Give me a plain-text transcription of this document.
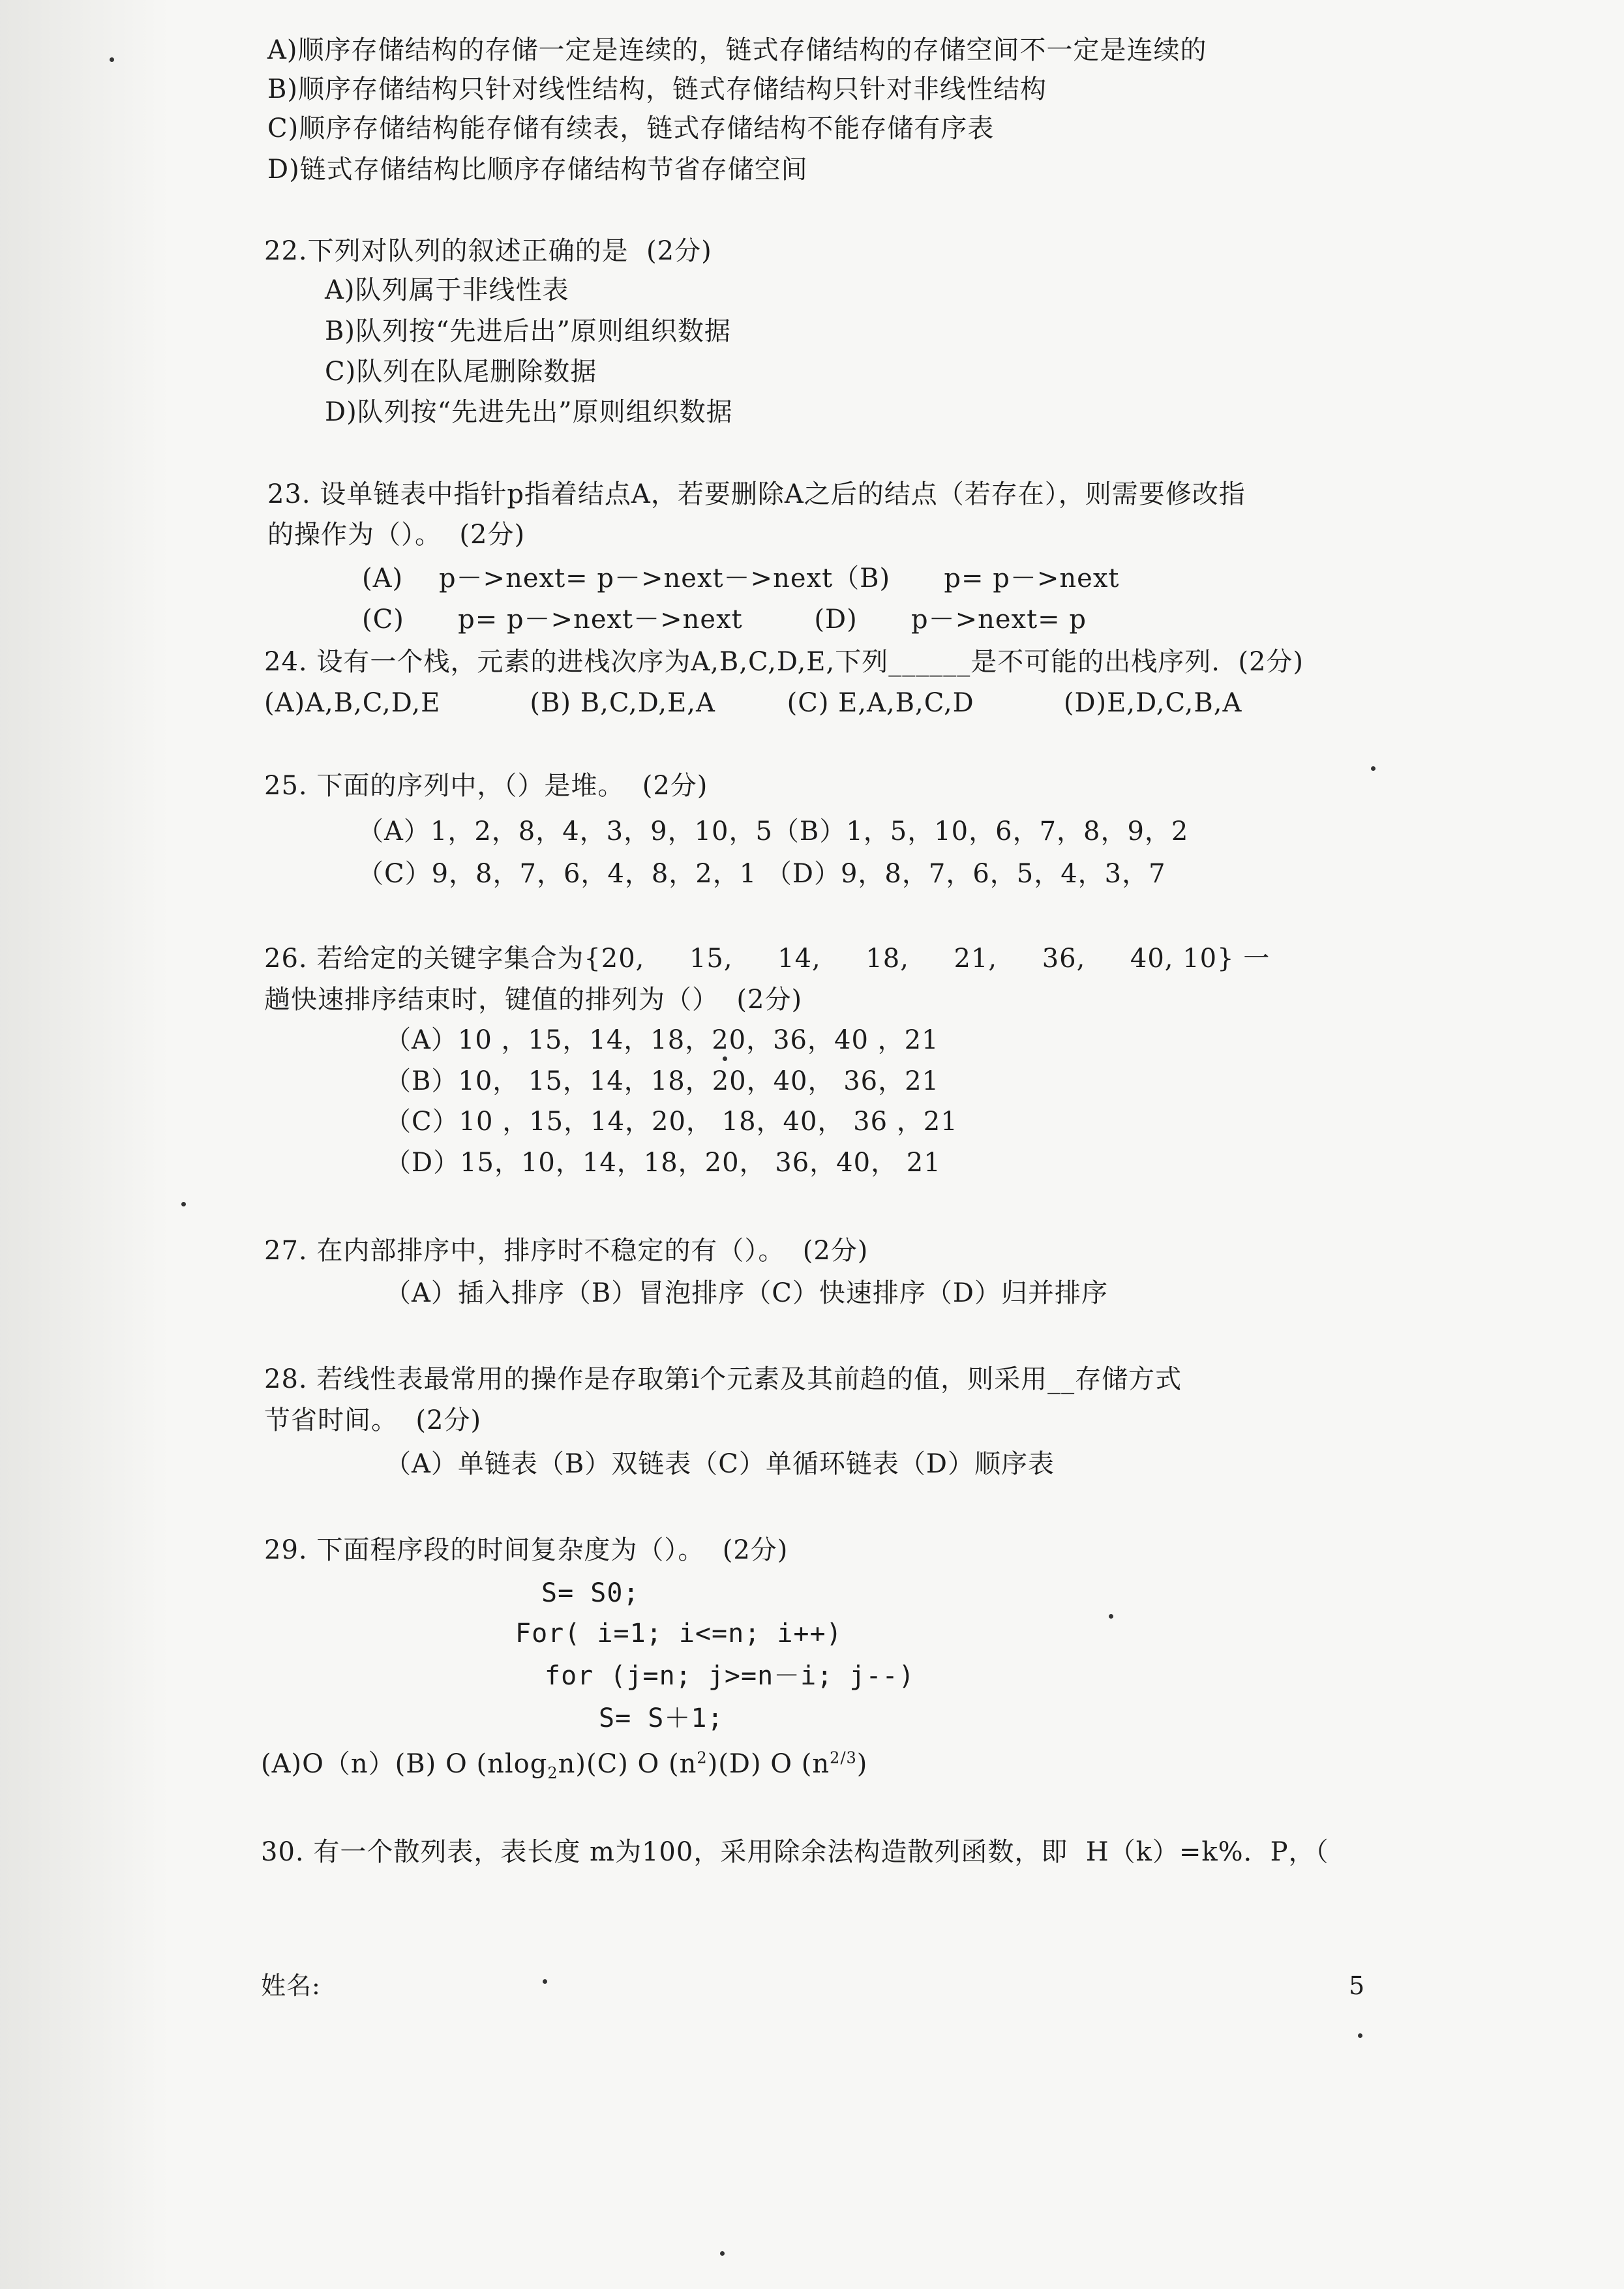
A)顺序存储结构的存储一定是连续的，链式存储结构的存储空间不一定是连续的
B)顺序存储结构只针对线性结构，链式存储结构只针对非线性结构
C)顺序存储结构能存储有续表，链式存储结构不能存储有序表
D)链式存储结构比顺序存储结构节省存储空间
22.下列对队列的叙述正确的是  (2分)
A)队列属于非线性表
B)队列按“先进后出”原则组织数据
C)队列在队尾删除数据
D)队列按“先进先出”原则组织数据
23. 设单链表中指针p指着结点A，若要删除A之后的结点（若存在），则需要修改指
的操作为（）。  (2分)
(A)    p－>next= p－>next－>next（B)      p= p－>next
(C)      p= p－>next－>next        (D)      p－>next= p
24. 设有一个栈，元素的进栈次序为A,B,C,D,E,下列______是不可能的出栈序列.  (2分)
(A)A,B,C,D,E          (B) B,C,D,E,A        (C) E,A,B,C,D          (D)E,D,C,B,A
25. 下面的序列中，（）是堆。  (2分)
（A）1，2，8，4，3，9，10，5（B）1，5，10，6，7，8，9，2
（C）9，8，7，6，4，8，2，1 （D）9，8，7，6，5，4，3，7
26. 若给定的关键字集合为{20,     15,     14,     18,     21,     36,     40, 10} 一
趟快速排序结束时，键值的排列为（）  (2分)
（A）10 ，15，14，18，20，36，40 ，21
（B）10， 15，14，18，20，40， 36，21
（C）10 ，15，14，20， 18，40， 36 ，21
（D）15，10，14，18，20， 36，40， 21
27. 在内部排序中，排序时不稳定的有（）。  (2分)
（A）插入排序（B）冒泡排序（C）快速排序（D）归并排序
28. 若线性表最常用的操作是存取第i个元素及其前趋的值，则采用__存储方式
节省时间。  (2分)
（A）单链表（B）双链表（C）单循环链表（D）顺序表
29. 下面程序段的时间复杂度为（）。  (2分)
S= S0;
For( i=1; i<=n; i++)
for (j=n; j>=n－i; j--)
S= S＋1;
(A)O（n）(B) O (nlog$_2$n)(C) O $(n^2)(D)$ O $(n^{2/3})$
30. 有一个散列表，表长度 m为100，采用除余法构造散列函数，即  H（k）=k%．P，（
姓名:	5
